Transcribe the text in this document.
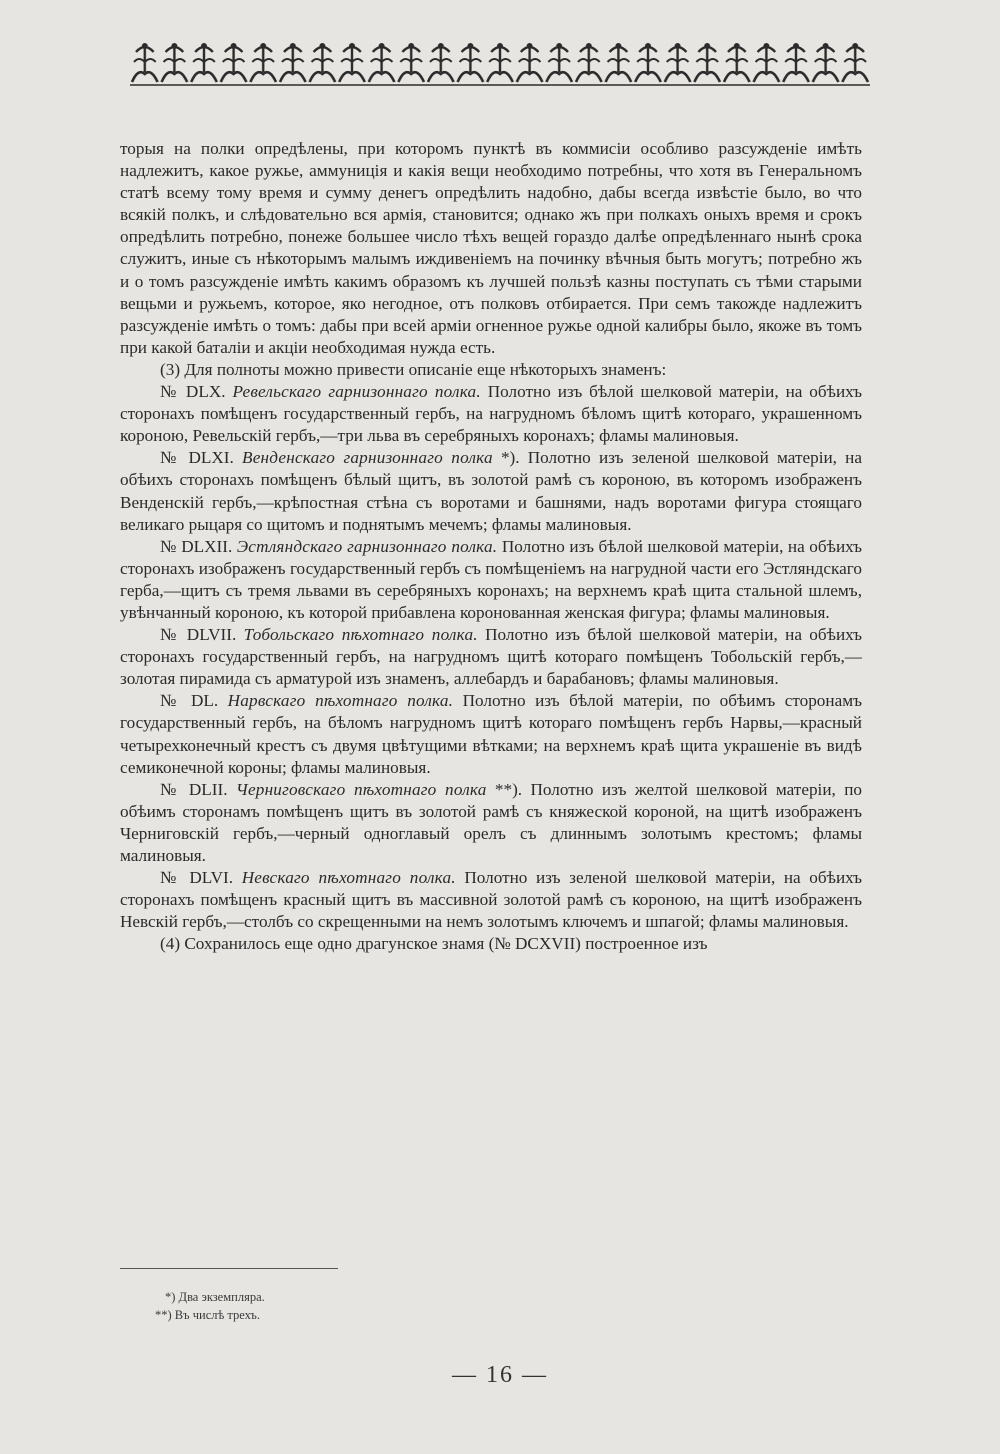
торыя на полки опредѣлены, при которомъ пунктѣ въ коммисіи особливо разсужденіе имѣть надлежитъ, какое ружье, аммуниція и какія вещи необходимо потребны, что хотя въ Генеральномъ статѣ всему тому время и сумму денегъ опредѣлить надобно, дабы всегда извѣстіе было, во что всякій полкъ, и слѣдовательно вся армія, становится; однако жъ при полкахъ оныхъ время и срокъ опредѣлить потребно, понеже большее число тѣхъ вещей гораздо далѣе опредѣленнаго нынѣ срока служитъ, иные съ нѣкоторымъ малымъ иждивеніемъ на починку вѣчныя быть могутъ; потребно жъ и о томъ разсужденіе имѣть какимъ образомъ къ лучшей пользѣ казны поступать съ тѣми старыми вещьми и ружьемъ, которое, яко негодное, отъ полковъ отбирается. При семъ такожде надлежитъ разсужденіе имѣть о томъ: дабы при всей арміи огненное ружье одной калибры было, якоже въ томъ при какой баталіи и акціи необходимая нужда есть.

(3) Для полноты можно привести описаніе еще нѣкоторыхъ знаменъ:

№ DLX. Ревельскаго гарнизоннаго полка. Полотно изъ бѣлой шелковой матеріи, на обѣихъ сторонахъ помѣщенъ государственный гербъ, на нагрудномъ бѣломъ щитѣ котораго, украшенномъ короною, Ревельскій гербъ,—три льва въ серебряныхъ коронахъ; фламы малиновыя.

№ DLXI. Венденскаго гарнизоннаго полка *). Полотно изъ зеленой шелковой матеріи, на обѣихъ сторонахъ помѣщенъ бѣлый щитъ, въ золотой рамѣ съ короною, въ которомъ изображенъ Венденскій гербъ,—крѣпостная стѣна съ воротами и башнями, надъ воротами фигура стоящаго великаго рыцаря со щитомъ и поднятымъ мечемъ; фламы малиновыя.

№ DLXII. Эстляндскаго гарнизоннаго полка. Полотно изъ бѣлой шелковой матеріи, на обѣихъ сторонахъ изображенъ государственный гербъ съ помѣщеніемъ на нагрудной части его Эстляндскаго герба,—щитъ съ тремя львами въ серебряныхъ коронахъ; на верхнемъ краѣ щита стальной шлемъ, увѣнчанный короною, къ которой прибавлена коронованная женская фигура; фламы малиновыя.

№ DLVII. Тобольскаго пѣхотнаго полка. Полотно изъ бѣлой шелковой матеріи, на обѣихъ сторонахъ государственный гербъ, на нагрудномъ щитѣ котораго помѣщенъ Тобольскій гербъ,—золотая пирамида съ арматурой изъ знаменъ, аллебардъ и барабановъ; фламы малиновыя.

№ DL. Нарвскаго пѣхотнаго полка. Полотно изъ бѣлой матеріи, по обѣимъ сторонамъ государственный гербъ, на бѣломъ нагрудномъ щитѣ котораго помѣщенъ гербъ Нарвы,—красный четырехконечный крестъ съ двумя цвѣтущими вѣтками; на верхнемъ краѣ щита украшеніе въ видѣ семиконечной короны; фламы малиновыя.

№ DLII. Черниговскаго пѣхотнаго полка **). Полотно изъ желтой шелковой матеріи, по обѣимъ сторонамъ помѣщенъ щитъ въ золотой рамѣ съ княжеской короной, на щитѣ изображенъ Черниговскій гербъ,—черный одноглавый орелъ съ длиннымъ золотымъ крестомъ; фламы малиновыя.

№ DLVI. Невскаго пѣхотнаго полка. Полотно изъ зеленой шелковой матеріи, на обѣихъ сторонахъ помѣщенъ красный щитъ въ массивной золотой рамѣ съ короною, на щитѣ изображенъ Невскій гербъ,—столбъ со скрещенными на немъ золотымъ ключемъ и шпагой; фламы малиновыя.

(4) Сохранилось еще одно драгунское знамя (№ DCXVII) построенное изъ

*) Два экземпляра.
**) Въ числѣ трехъ.
— 16 —
